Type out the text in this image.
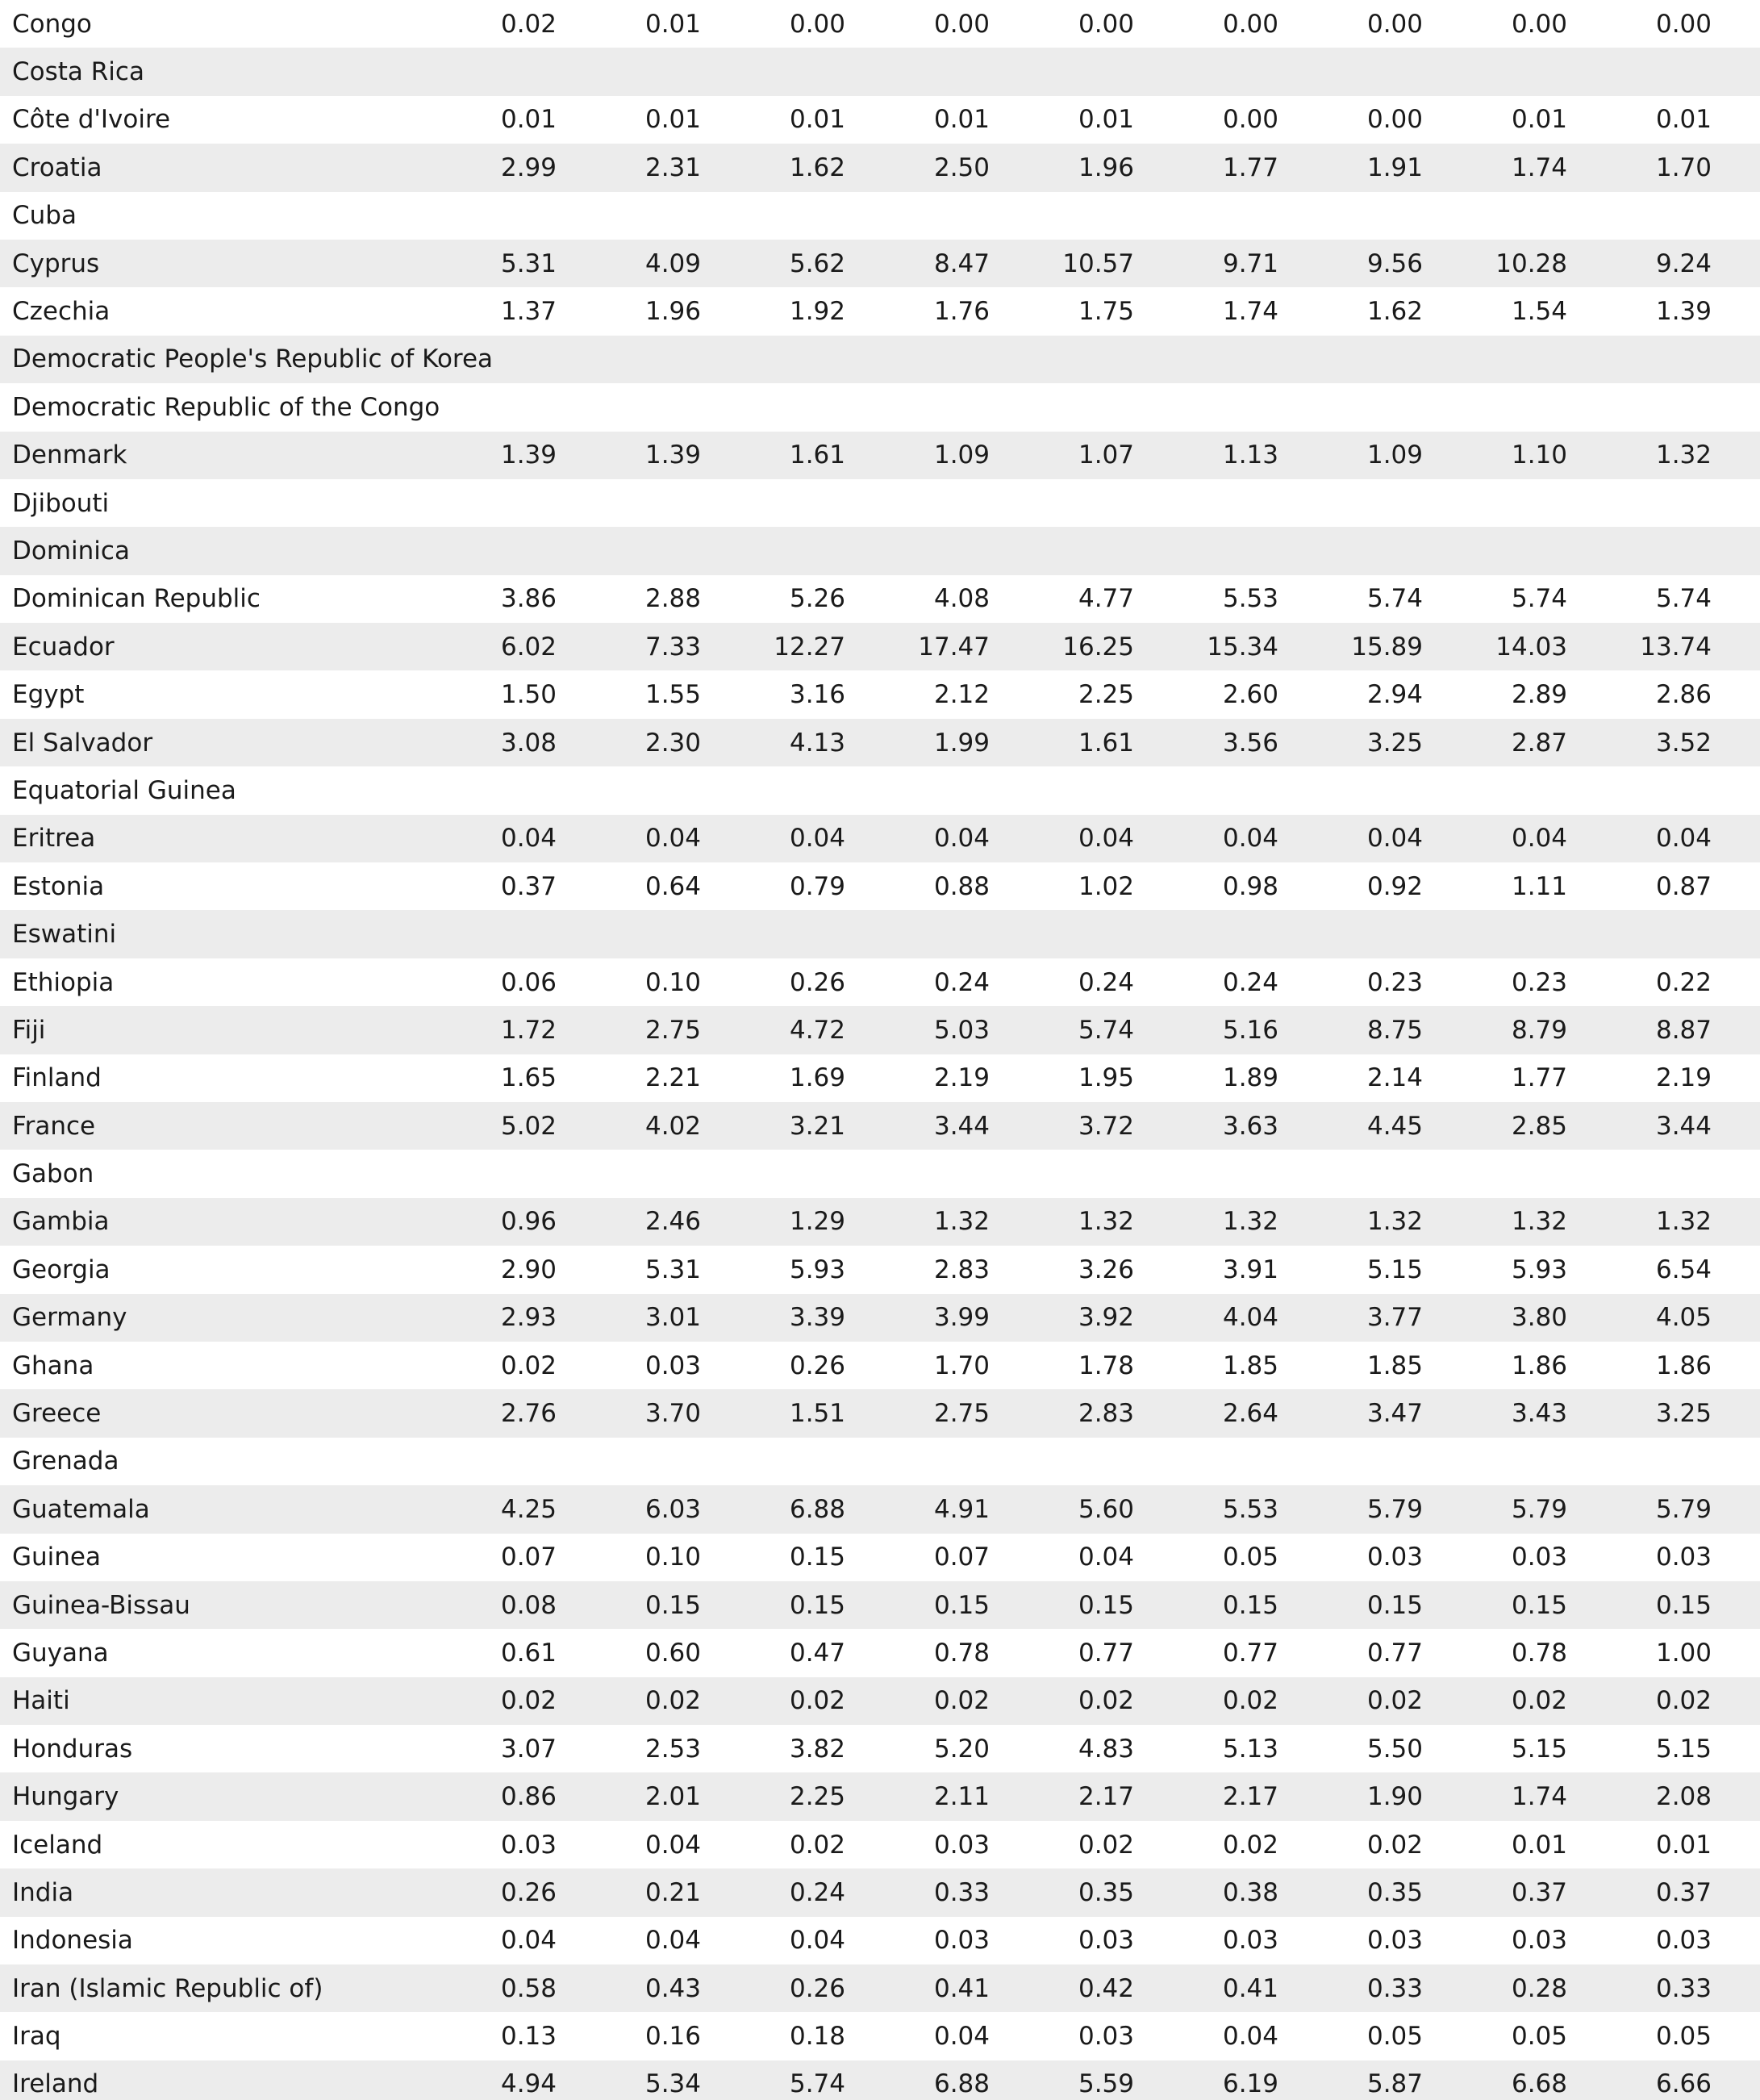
Congo	0.02	0.01	0.00	0.00	0.00	0.00	0.00	0.00	0.00
Costa Rica
Côte d'Ivoire	0.01	0.01	0.01	0.01	0.01	0.00	0.00	0.01	0.01
Croatia	2.99	2.31	1.62	2.50	1.96	1.77	1.91	1.74	1.70
Cuba
Cyprus	5.31	4.09	5.62	8.47	10.57	9.71	9.56	10.28	9.24
Czechia	1.37	1.96	1.92	1.76	1.75	1.74	1.62	1.54	1.39
Democratic People's Republic of Korea
Democratic Republic of the Congo
Denmark	1.39	1.39	1.61	1.09	1.07	1.13	1.09	1.10	1.32
Djibouti
Dominica
Dominican Republic	3.86	2.88	5.26	4.08	4.77	5.53	5.74	5.74	5.74
Ecuador	6.02	7.33	12.27	17.47	16.25	15.34	15.89	14.03	13.74
Egypt	1.50	1.55	3.16	2.12	2.25	2.60	2.94	2.89	2.86
El Salvador	3.08	2.30	4.13	1.99	1.61	3.56	3.25	2.87	3.52
Equatorial Guinea
Eritrea	0.04	0.04	0.04	0.04	0.04	0.04	0.04	0.04	0.04
Estonia	0.37	0.64	0.79	0.88	1.02	0.98	0.92	1.11	0.87
Eswatini
Ethiopia	0.06	0.10	0.26	0.24	0.24	0.24	0.23	0.23	0.22
Fiji	1.72	2.75	4.72	5.03	5.74	5.16	8.75	8.79	8.87
Finland	1.65	2.21	1.69	2.19	1.95	1.89	2.14	1.77	2.19
France	5.02	4.02	3.21	3.44	3.72	3.63	4.45	2.85	3.44
Gabon
Gambia	0.96	2.46	1.29	1.32	1.32	1.32	1.32	1.32	1.32
Georgia	2.90	5.31	5.93	2.83	3.26	3.91	5.15	5.93	6.54
Germany	2.93	3.01	3.39	3.99	3.92	4.04	3.77	3.80	4.05
Ghana	0.02	0.03	0.26	1.70	1.78	1.85	1.85	1.86	1.86
Greece	2.76	3.70	1.51	2.75	2.83	2.64	3.47	3.43	3.25
Grenada
Guatemala	4.25	6.03	6.88	4.91	5.60	5.53	5.79	5.79	5.79
Guinea	0.07	0.10	0.15	0.07	0.04	0.05	0.03	0.03	0.03
Guinea-Bissau	0.08	0.15	0.15	0.15	0.15	0.15	0.15	0.15	0.15
Guyana	0.61	0.60	0.47	0.78	0.77	0.77	0.77	0.78	1.00
Haiti	0.02	0.02	0.02	0.02	0.02	0.02	0.02	0.02	0.02
Honduras	3.07	2.53	3.82	5.20	4.83	5.13	5.50	5.15	5.15
Hungary	0.86	2.01	2.25	2.11	2.17	2.17	1.90	1.74	2.08
Iceland	0.03	0.04	0.02	0.03	0.02	0.02	0.02	0.01	0.01
India	0.26	0.21	0.24	0.33	0.35	0.38	0.35	0.37	0.37
Indonesia	0.04	0.04	0.04	0.03	0.03	0.03	0.03	0.03	0.03
Iran (Islamic Republic of)	0.58	0.43	0.26	0.41	0.42	0.41	0.33	0.28	0.33
Iraq	0.13	0.16	0.18	0.04	0.03	0.04	0.05	0.05	0.05
Ireland	4.94	5.34	5.74	6.88	5.59	6.19	5.87	6.68	6.66
